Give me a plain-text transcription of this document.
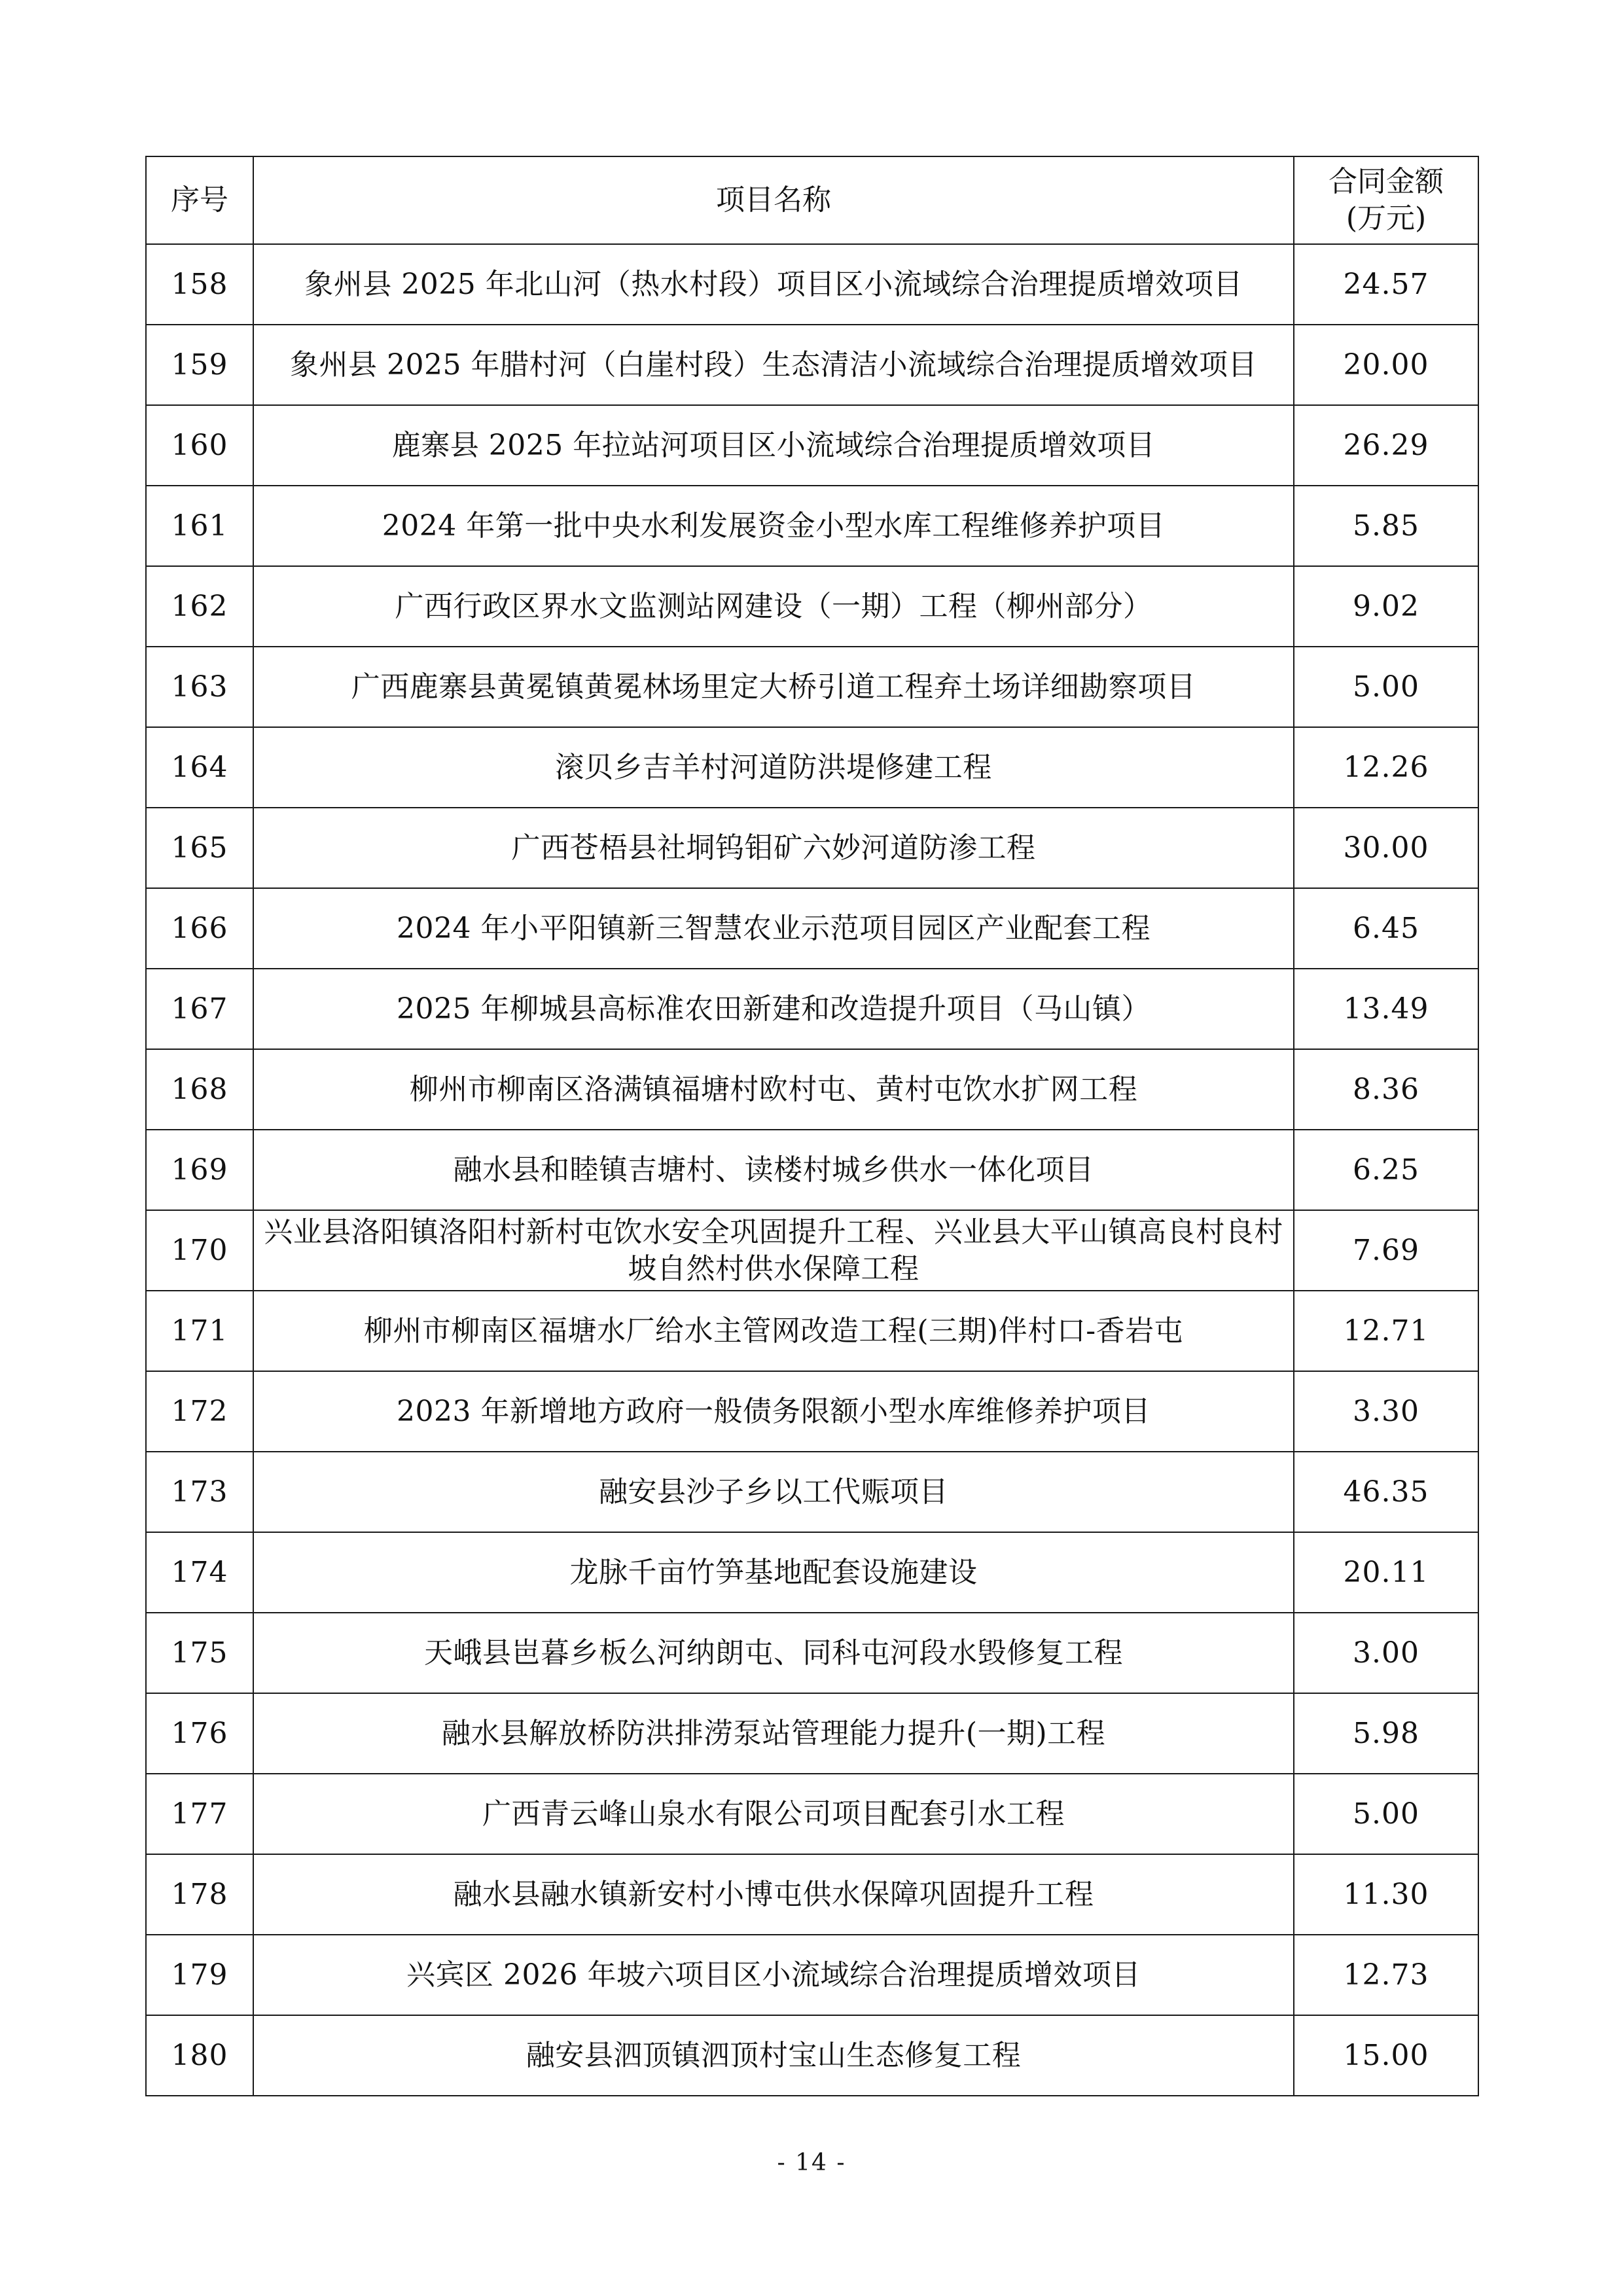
序号	项目名称	合同金额
(万元)
158	象州县 2025 年北山河（热水村段）项目区小流域综合治理提质增效项目	24.57
159	象州县 2025 年腊村河（白崖村段）生态清洁小流域综合治理提质增效项目	20.00
160	鹿寨县 2025 年拉站河项目区小流域综合治理提质增效项目	26.29
161	2024 年第一批中央水利发展资金小型水库工程维修养护项目	5.85
162	广西行政区界水文监测站网建设（一期）工程（柳州部分）	9.02
163	广西鹿寨县黄冕镇黄冕林场里定大桥引道工程弃土场详细勘察项目	5.00
164	滚贝乡吉羊村河道防洪堤修建工程	12.26
165	广西苍梧县社垌钨钼矿六妙河道防渗工程	30.00
166	2024 年小平阳镇新三智慧农业示范项目园区产业配套工程	6.45
167	2025 年柳城县高标准农田新建和改造提升项目（马山镇）	13.49
168	柳州市柳南区洛满镇福塘村欧村屯、黄村屯饮水扩网工程	8.36
169	融水县和睦镇吉塘村、读楼村城乡供水一体化项目	6.25
170	兴业县洛阳镇洛阳村新村屯饮水安全巩固提升工程、兴业县大平山镇高良村良村坡自然村供水保障工程	7.69
171	柳州市柳南区福塘水厂给水主管网改造工程(三期)伴村口-香岩屯	12.71
172	2023 年新增地方政府一般债务限额小型水库维修养护项目	3.30
173	融安县沙子乡以工代赈项目	46.35
174	龙脉千亩竹笋基地配套设施建设	20.11
175	天峨县岜暮乡板么河纳朗屯、同科屯河段水毁修复工程	3.00
176	融水县解放桥防洪排涝泵站管理能力提升(一期)工程	5.98
177	广西青云峰山泉水有限公司项目配套引水工程	5.00
178	融水县融水镇新安村小博屯供水保障巩固提升工程	11.30
179	兴宾区 2026 年坡六项目区小流域综合治理提质增效项目	12.73
180	融安县泗顶镇泗顶村宝山生态修复工程	15.00
- 14 -
